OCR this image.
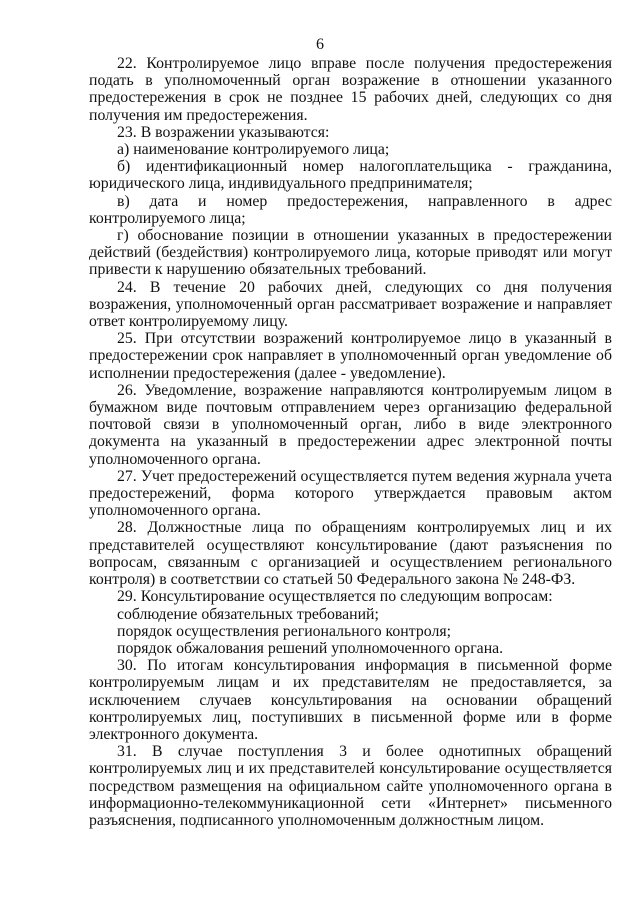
6

22. Контролируемое лицо вправе после получения предостережения подать в уполномоченный орган возражение в отношении указанного предостережения в срок не позднее 15 рабочих дней, следующих со дня получения им предостережения.

23. В возражении указываются:

а) наименование контролируемого лица;

б) идентификационный номер налогоплательщика - гражданина, юридического лица, индивидуального предпринимателя;

в) дата и номер предостережения, направленного в адрес контролируемого лица;

г) обоснование позиции в отношении указанных в предостережении действий (бездействия) контролируемого лица, которые приводят или могут привести к нарушению обязательных требований.

24. В течение 20 рабочих дней, следующих со дня получения возражения, уполномоченный орган рассматривает возражение и направляет ответ контролируемому лицу.

25. При отсутствии возражений контролируемое лицо в указанный в предостережении срок направляет в уполномоченный орган уведомление об исполнении предостережения (далее - уведомление).

26. Уведомление, возражение направляются контролируемым лицом в бумажном виде почтовым отправлением через организацию федеральной почтовой связи в уполномоченный орган, либо в виде электронного документа на указанный в предостережении адрес электронной почты уполномоченного органа.

27. Учет предостережений осуществляется путем ведения журнала учета предостережений, форма которого утверждается правовым актом уполномоченного органа.

28. Должностные лица по обращениям контролируемых лиц и их представителей осуществляют консультирование (дают разъяснения по вопросам, связанным с организацией и осуществлением регионального контроля) в соответствии со статьей 50 Федерального закона № 248-ФЗ.

29. Консультирование осуществляется по следующим вопросам:

соблюдение обязательных требований;

порядок осуществления регионального контроля;

порядок обжалования решений уполномоченного органа.

30. По итогам консультирования информация в письменной форме контролируемым лицам и их представителям не предоставляется, за исключением случаев консультирования на основании обращений контролируемых лиц, поступивших в письменной форме или в форме электронного документа.

31. В случае поступления 3 и более однотипных обращений контролируемых лиц и их представителей консультирование осуществляется посредством размещения на официальном сайте уполномоченного органа в информационно-телекоммуникационной сети «Интернет» письменного разъяснения, подписанного уполномоченным должностным лицом.
